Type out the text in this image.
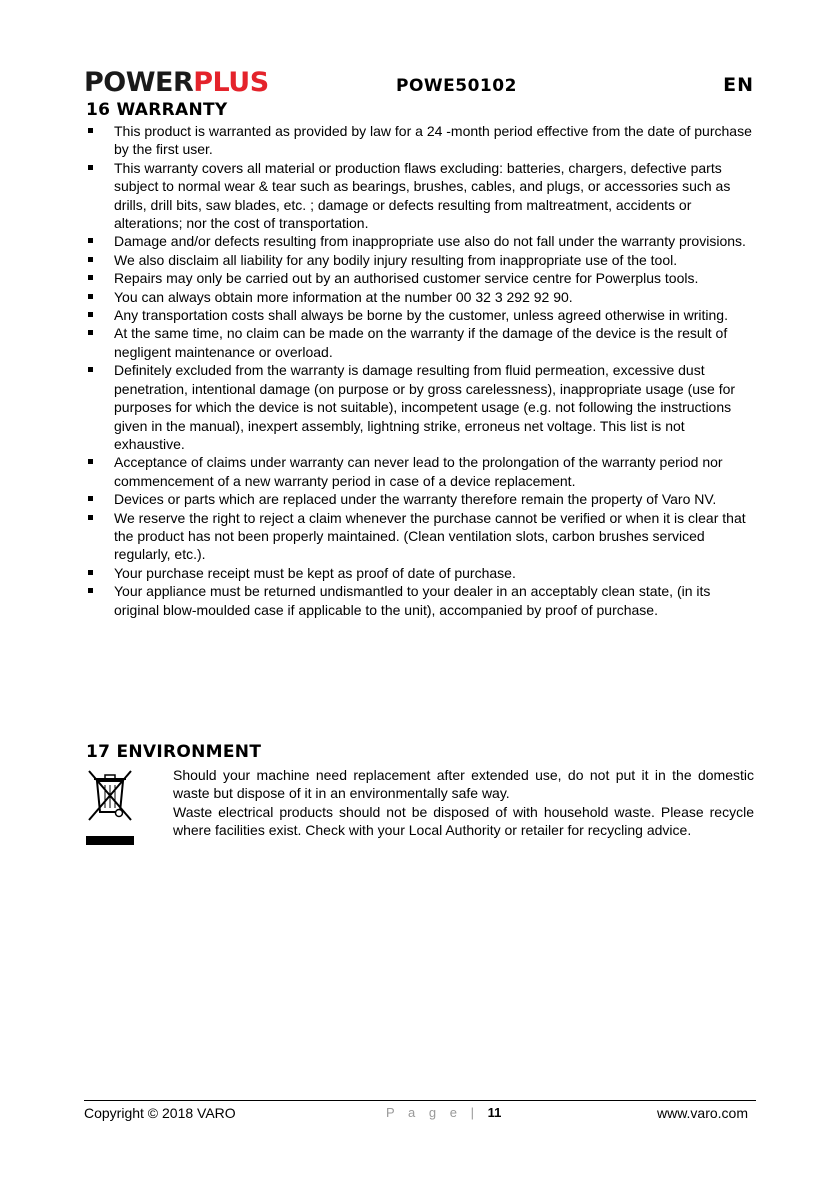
POWERPLUS	POWE50102	EN
16 WARRANTY
This product is warranted as provided by law for a 24 -month period effective from the date of purchase by the first user.
This warranty covers all material or production flaws excluding: batteries, chargers, defective parts subject to normal wear & tear such as bearings, brushes, cables, and plugs, or accessories such as drills, drill bits, saw blades, etc. ; damage or defects resulting from maltreatment, accidents or alterations; nor the cost of transportation.
Damage and/or defects resulting from inappropriate use also do not fall under the warranty provisions.
We also disclaim all liability for any bodily injury resulting from inappropriate use of the tool.
Repairs may only be carried out by an authorised customer service centre for Powerplus tools.
You can always obtain more information at the number 00 32 3 292 92 90.
Any transportation costs shall always be borne by the customer, unless agreed otherwise in writing.
At the same time, no claim can be made on the warranty if the damage of the device is the result of negligent maintenance or overload.
Definitely excluded from the warranty is damage resulting from fluid permeation, excessive dust penetration, intentional damage (on purpose or by gross carelessness), inappropriate usage (use for purposes for which the device is not suitable), incompetent usage (e.g. not following the instructions given in the manual), inexpert assembly, lightning strike, erroneus net voltage. This list is not exhaustive.
Acceptance of claims under warranty can never lead to the prolongation of the warranty period nor commencement of a new warranty period in case of a device replacement.
Devices or parts which are replaced under the warranty therefore remain the property of Varo NV.
We reserve the right to reject a claim whenever the purchase cannot be verified or when it is clear that the product has not been properly maintained. (Clean ventilation slots, carbon brushes serviced regularly, etc.).
Your purchase receipt must be kept as proof of date of purchase.
Your appliance must be returned undismantled to your dealer in an acceptably clean state, (in its original blow-moulded case if applicable to the unit), accompanied by proof of purchase.
17 ENVIRONMENT

Should your machine need replacement after extended use, do not put it in the domestic waste but dispose of it in an environmentally safe way.

Waste electrical products should not be disposed of with household waste. Please recycle where facilities exist. Check with your Local Authority or retailer for recycling advice.

Copyright © 2018 VARO	P a g e | 11	www.varo.com
